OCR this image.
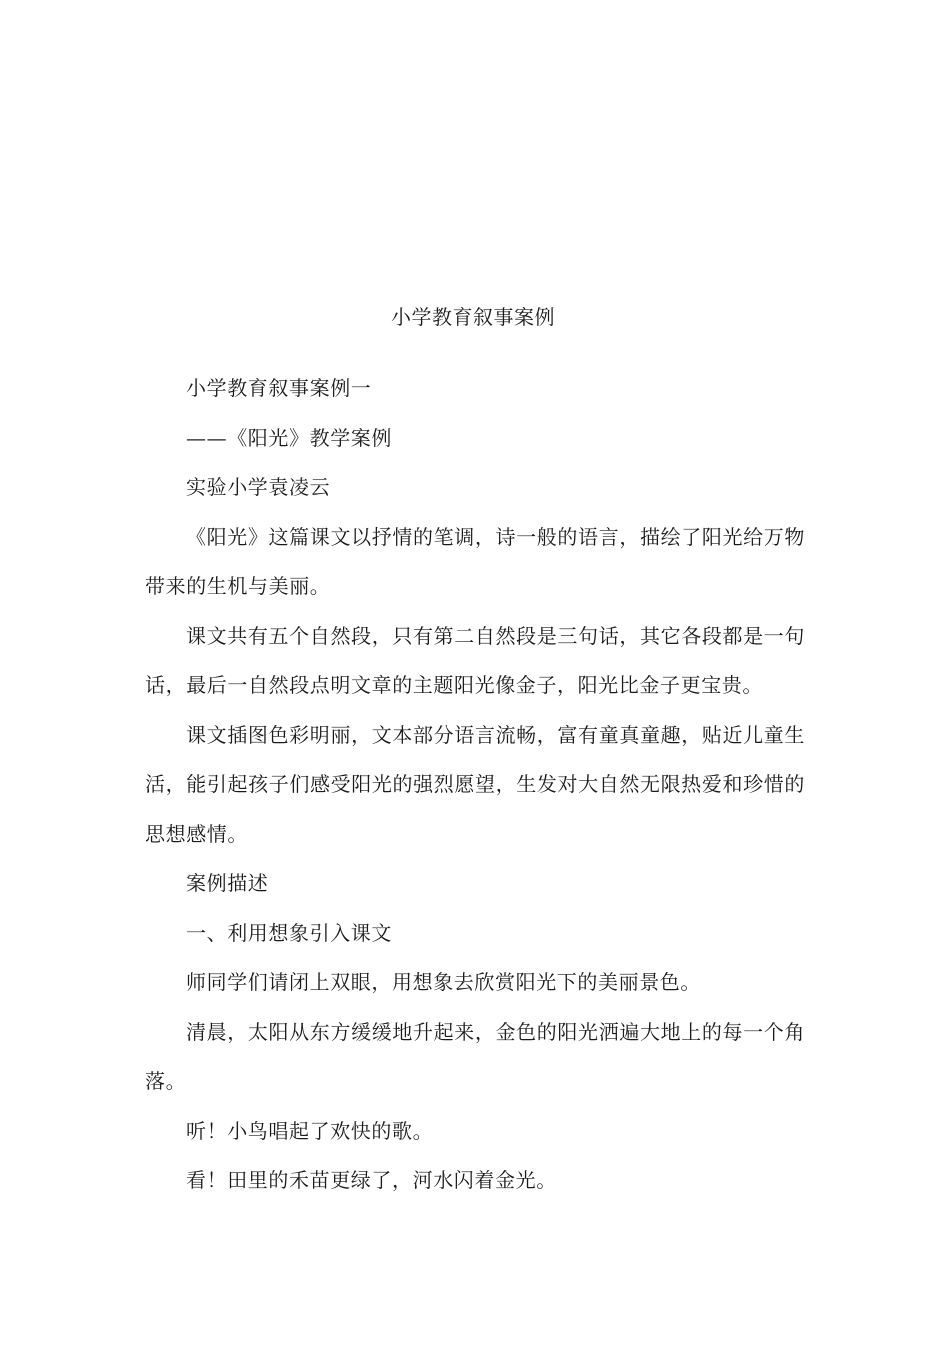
小学教育叙事案例

小学教育叙事案例一

——《阳光》教学案例

实验小学袁凌云

《阳光》这篇课文以抒情的笔调，诗一般的语言，描绘了阳光给万物带来的生机与美丽。

课文共有五个自然段，只有第二自然段是三句话，其它各段都是一句话，最后一自然段点明文章的主题阳光像金子，阳光比金子更宝贵。

课文插图色彩明丽，文本部分语言流畅，富有童真童趣，贴近儿童生活，能引起孩子们感受阳光的强烈愿望，生发对大自然无限热爱和珍惜的思想感情。

案例描述

一、利用想象引入课文

师同学们请闭上双眼，用想象去欣赏阳光下的美丽景色。

清晨，太阳从东方缓缓地升起来，金色的阳光洒遍大地上的每一个角落。

听！小鸟唱起了欢快的歌。

看！田里的禾苗更绿了，河水闪着金光。
